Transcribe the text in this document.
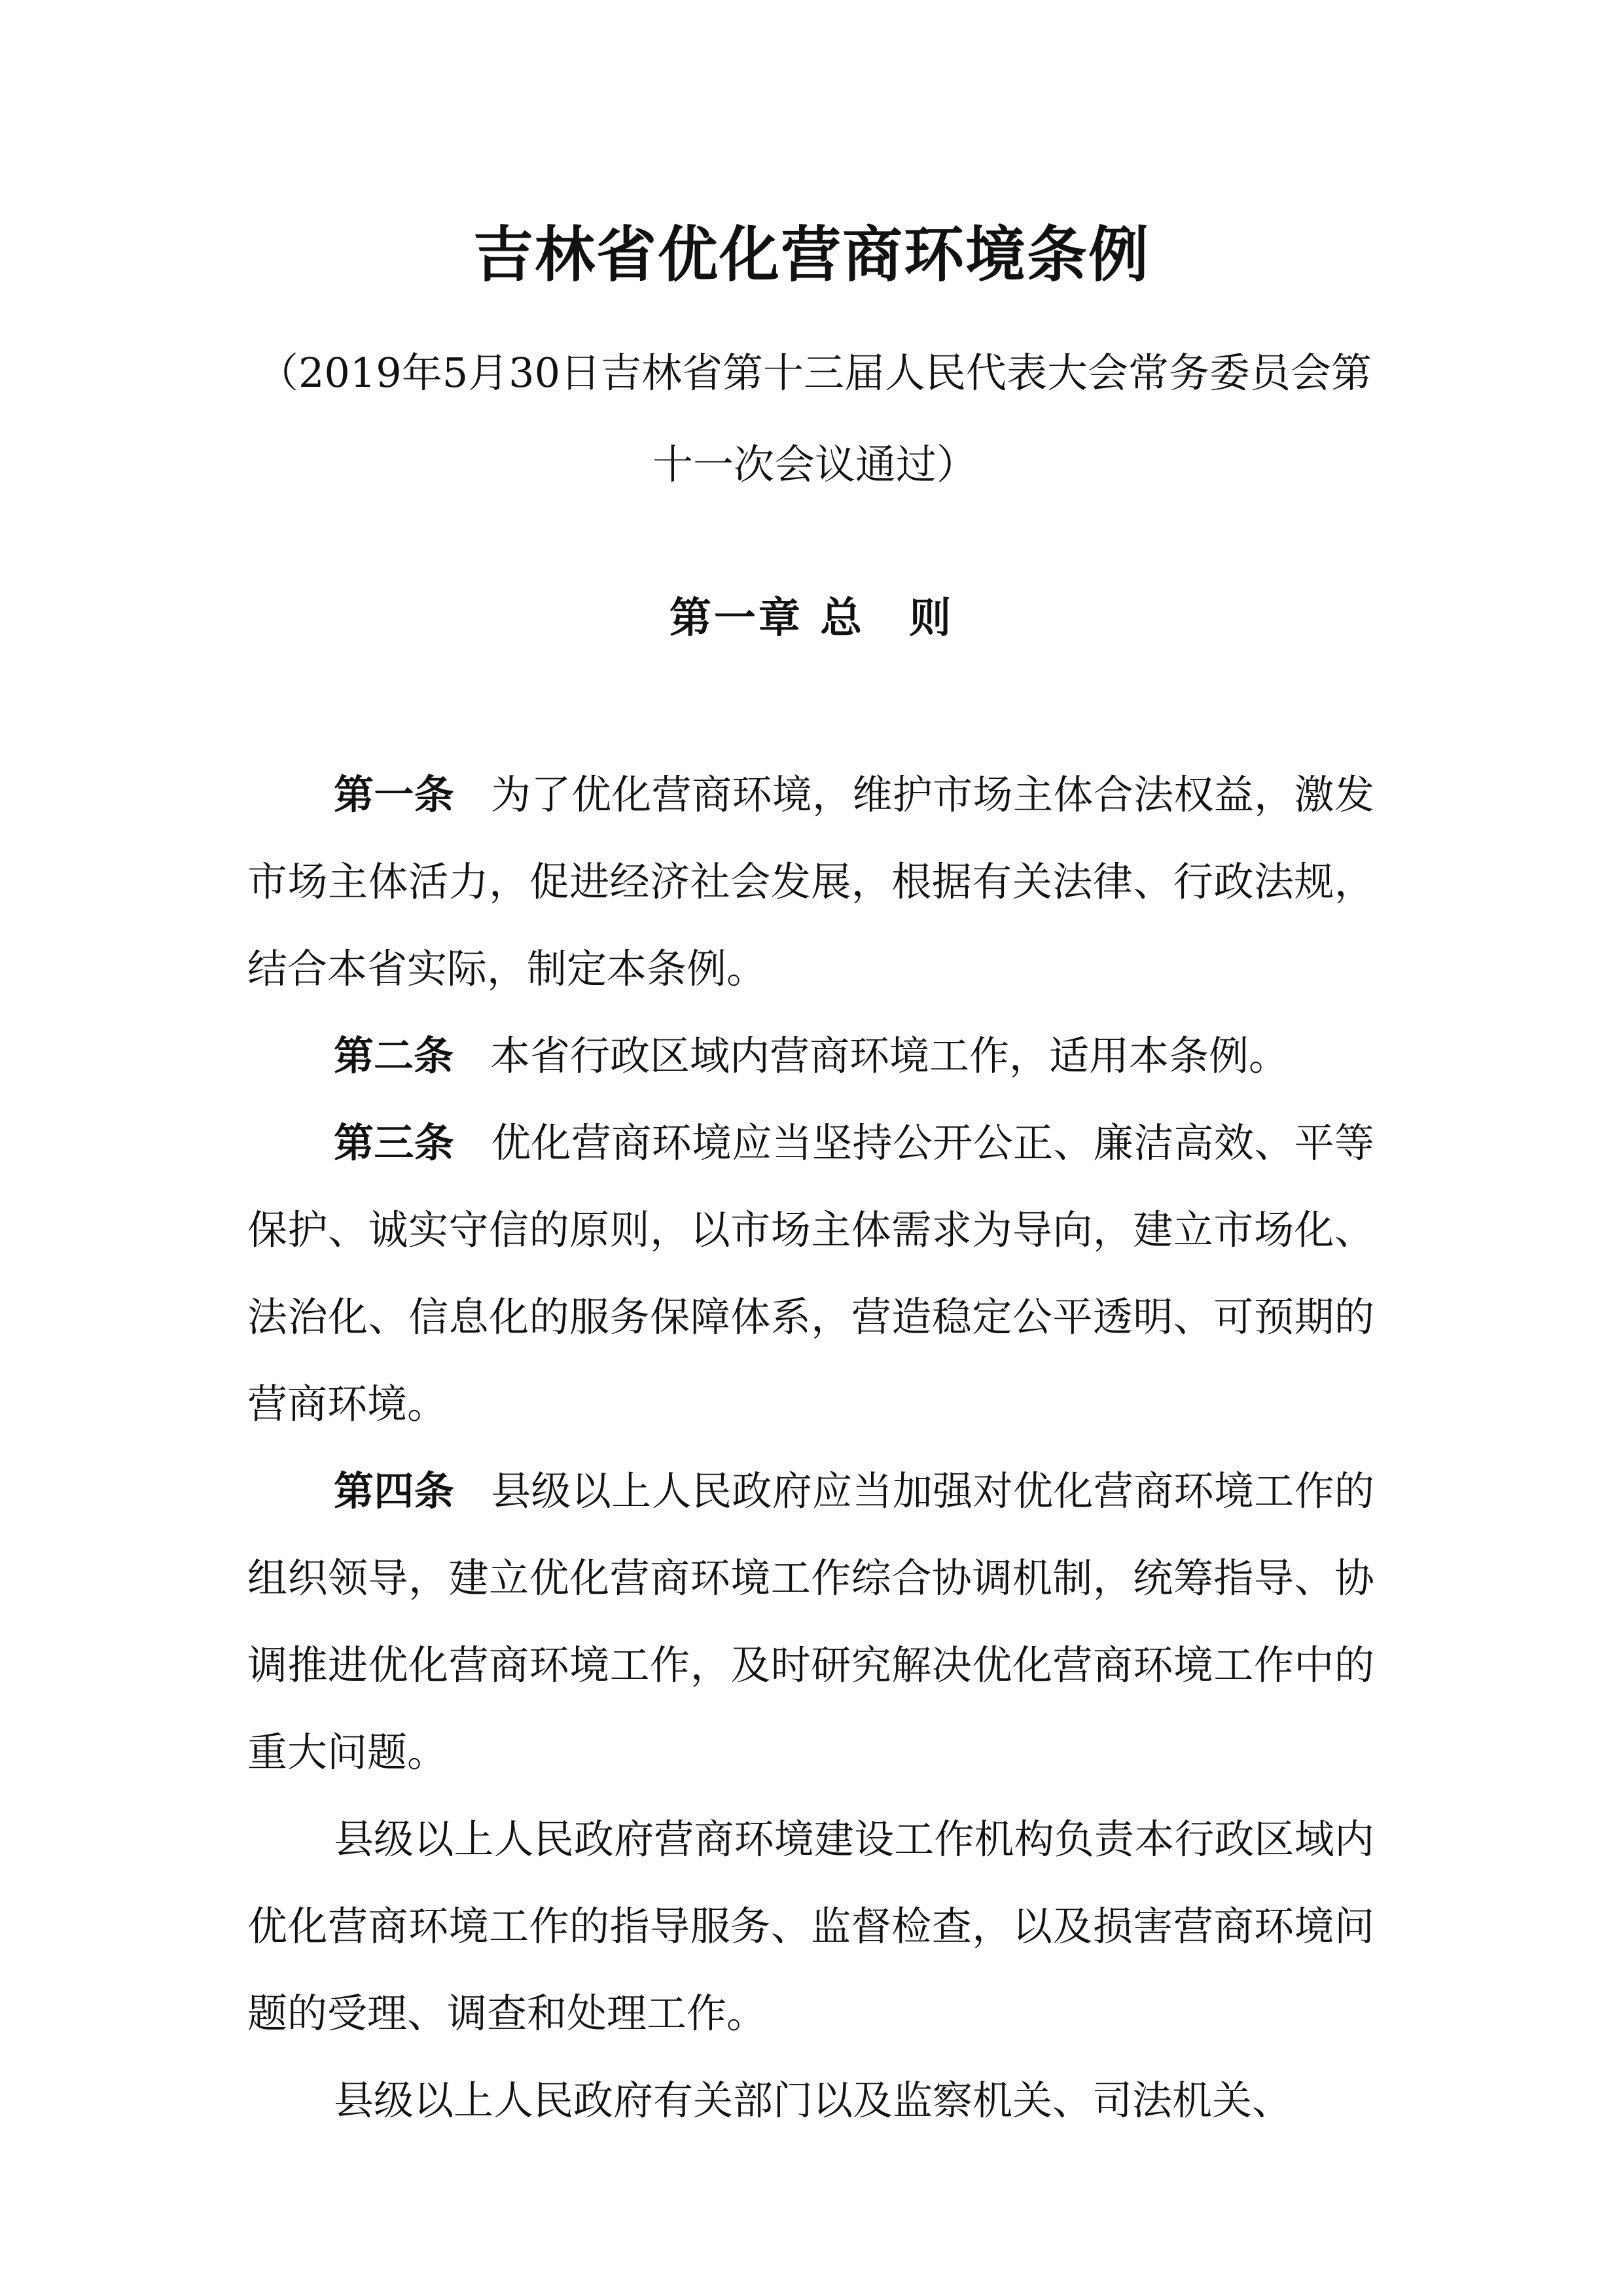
吉林省优化营商环境条例

（2019年5月30日吉林省第十三届人民代表大会常务委员会第十一次会议通过）

第一章 总　则

第一条 为了优化营商环境，维护市场主体合法权益，激发市场主体活力，促进经济社会发展，根据有关法律、行政法规，结合本省实际，制定本条例。

第二条 本省行政区域内营商环境工作，适用本条例。

第三条 优化营商环境应当坚持公开公正、廉洁高效、平等保护、诚实守信的原则，以市场主体需求为导向，建立市场化、法治化、信息化的服务保障体系，营造稳定公平透明、可预期的营商环境。

第四条 县级以上人民政府应当加强对优化营商环境工作的组织领导，建立优化营商环境工作综合协调机制，统筹指导、协调推进优化营商环境工作，及时研究解决优化营商环境工作中的重大问题。

县级以上人民政府营商环境建设工作机构负责本行政区域内优化营商环境工作的指导服务、监督检查，以及损害营商环境问题的受理、调查和处理工作。

县级以上人民政府有关部门以及监察机关、司法机关、
